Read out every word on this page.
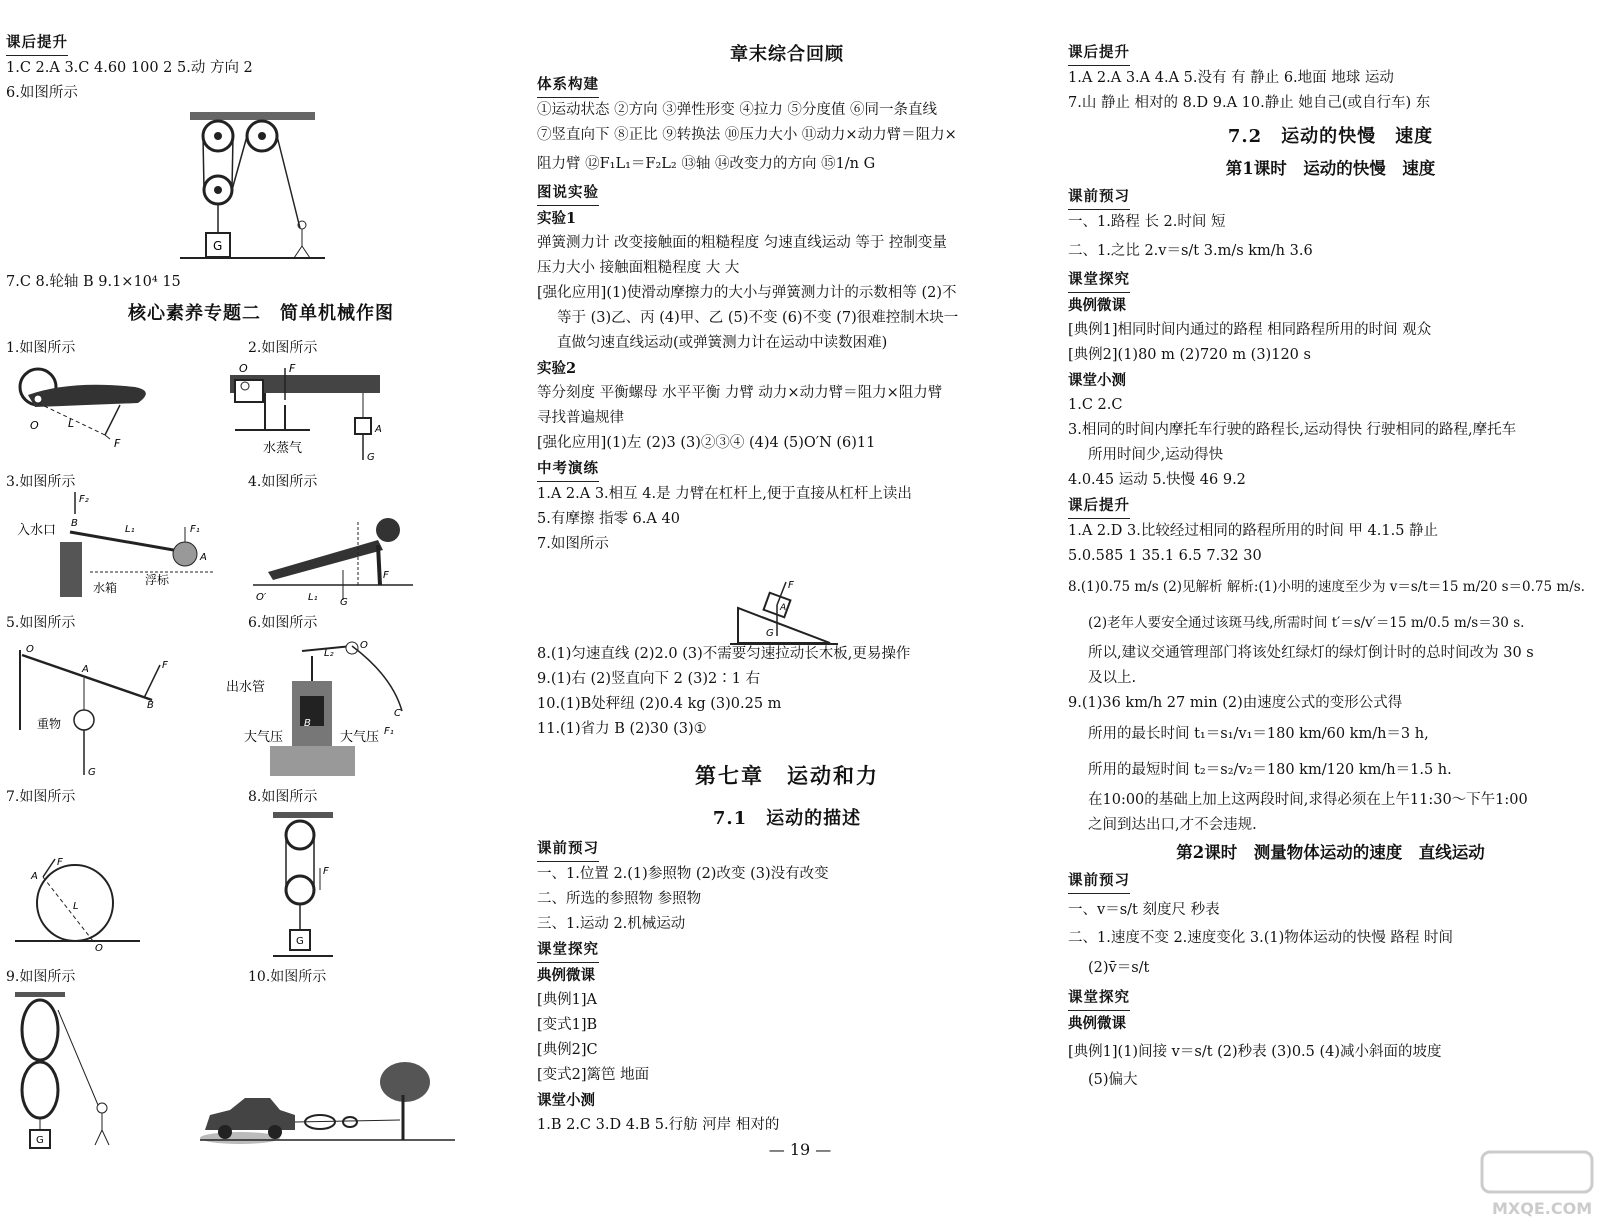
课后提升
1.C 2.A 3.C 4.60 100 2 5.动 方向 2
6.如图所示
G
7.C 8.轮轴 B 9.1×10⁴ 15
核心素养专题二　简单机械作图
1.如图所示	2.如图所示
3.如图所示	4.如图所示
5.如图所示	6.如图所示
7.如图所示	8.如图所示
9.如图所示	10.如图所示
O	L
F
F
A
G
O
水蒸气
入水口
F₂
F₁
L₁
B
A
水箱
浮标
O′	L₁ G
F
O
A
B
重物
G
F
出水管
C
L₂
O
F₁
大气压	大气压
B
F
A
L
O
G
F
G
章末综合回顾
体系构建
①运动状态 ②方向 ③弹性形变 ④拉力 ⑤分度值 ⑥同一条直线
⑦竖直向下 ⑧正比 ⑨转换法 ⑩压力大小 ⑪动力×动力臂＝阻力×
阻力臂 ⑫F₁L₁＝F₂L₂ ⑬轴 ⑭改变力的方向 ⑮1/n G
图说实验
实验1
弹簧测力计 改变接触面的粗糙程度 匀速直线运动 等于 控制变量
压力大小 接触面粗糙程度 大 大
[强化应用](1)使滑动摩擦力的大小与弹簧测力计的示数相等 (2)不
等于 (3)乙、丙 (4)甲、乙 (5)不变 (6)不变 (7)很难控制木块一
直做匀速直线运动(或弹簧测力计在运动中读数困难)
实验2
等分刻度 平衡螺母 水平平衡 力臂 动力×动力臂＝阻力×阻力臂
寻找普遍规律
[强化应用](1)左 (2)3 (3)②③④ (4)4 (5)O′N (6)11
中考演练
1.A 2.A 3.相互 4.是 力臂在杠杆上,便于直接从杠杆上读出
5.有摩擦 指零 6.A 40
7.如图所示
8.(1)匀速直线 (2)2.0 (3)不需要匀速拉动长木板,更易操作
9.(1)右 (2)竖直向下 2 (3)2∶1 右
10.(1)B处秤纽 (2)0.4 kg (3)0.25 m
11.(1)省力 B (2)30 (3)①
第七章　运动和力
7.1　运动的描述
课前预习
一、1.位置 2.(1)参照物 (2)改变 (3)没有改变
二、所选的参照物 参照物
三、1.运动 2.机械运动
课堂探究
典例微课
[典例1]A
[变式1]B
[典例2]C
[变式2]篱笆 地面
课堂小测
1.B 2.C 3.D 4.B 5.行舫 河岸 相对的
F
G
A
课后提升
1.A 2.A 3.A 4.A 5.没有 有 静止 6.地面 地球 运动
7.山 静止 相对的 8.D 9.A 10.静止 她自己(或自行车) 东
7.2　运动的快慢　速度
第1课时　运动的快慢　速度
课前预习
一、1.路程 长 2.时间 短
二、1.之比 2.v＝s/t 3.m/s km/h 3.6
课堂探究
典例微课
[典例1]相同时间内通过的路程 相同路程所用的时间 观众
[典例2](1)80 m (2)720 m (3)120 s
课堂小测
1.C 2.C
3.相同的时间内摩托车行驶的路程长,运动得快 行驶相同的路程,摩托车
所用时间少,运动得快
4.0.45 运动 5.快慢 46 9.2
课后提升
1.A 2.D 3.比较经过相同的路程所用的时间 甲 4.1.5 静止
5.0.585 1 35.1 6.5 7.32 30
8.(1)0.75 m/s (2)见解析 解析:(1)小明的速度至少为 v＝s/t＝15 m/20 s＝0.75 m/s.
(2)老年人要安全通过该斑马线,所需时间 t′＝s/v′＝15 m/0.5 m/s＝30 s.
所以,建议交通管理部门将该处红绿灯的绿灯倒计时的总时间改为 30 s
及以上.
9.(1)36 km/h 27 min (2)由速度公式的变形公式得
所用的最长时间 t₁＝s₁/v₁＝180 km/60 km/h＝3 h,
所用的最短时间 t₂＝s₂/v₂＝180 km/120 km/h＝1.5 h.
在10:00的基础上加上这两段时间,求得必须在上午11:30～下午1:00
之间到达出口,才不会违规.
第2课时　测量物体运动的速度　直线运动
课前预习
一、v＝s/t 刻度尺 秒表
二、1.速度不变 2.速度变化 3.(1)物体运动的快慢 路程 时间
(2)v̄＝s/t
课堂探究
典例微课
[典例1](1)间接 v＝s/t (2)秒表 (3)0.5 (4)减小斜面的坡度
(5)偏大
— 19 —
MXQE.COM
